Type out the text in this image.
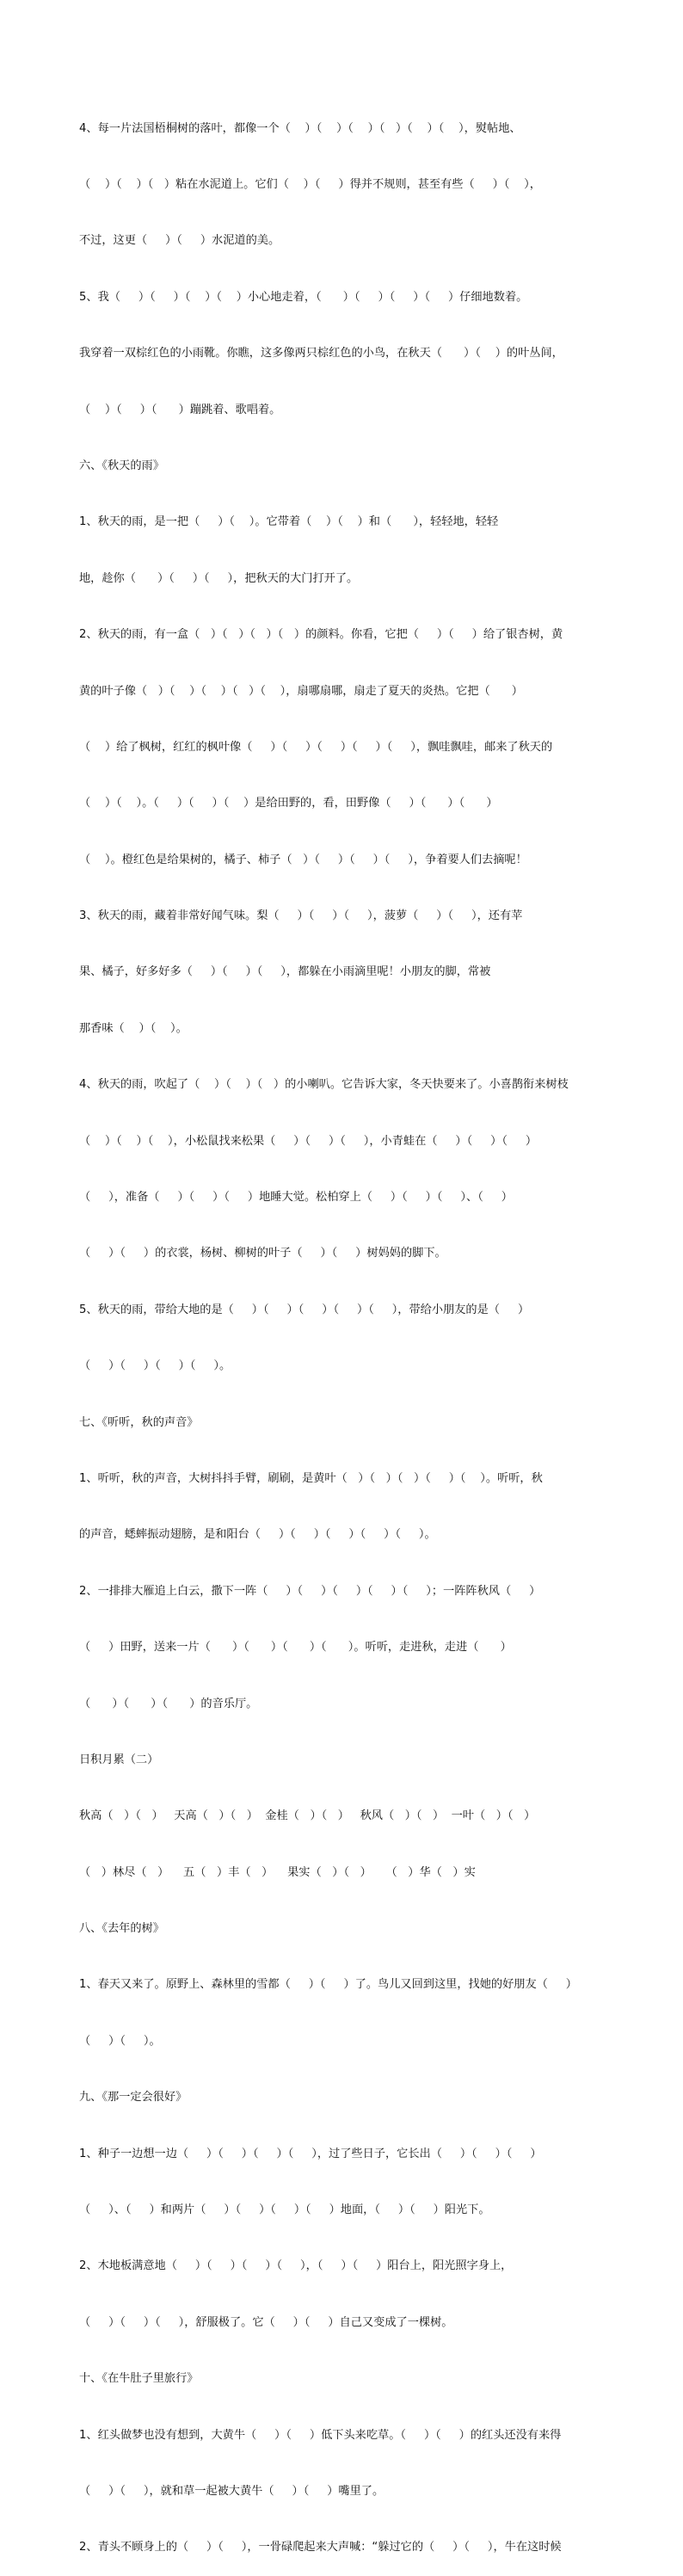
4、每一片法国梧桐树的落叶，都像一个（    ）（    ）（    ）（   ）（    ）（    ），熨帖地、

（    ）（    ）（   ）粘在水泥道上。它们（    ）（     ）得并不规则，甚至有些（     ）（    ），

不过，这更（     ）（     ）水泥道的美。

5、我（     ）（     ）（    ）（    ）小心地走着，（      ）（     ）（     ）（     ）仔细地数着。

我穿着一双棕红色的小雨靴。你瞧，这多像两只棕红色的小鸟，在秋天（      ）（    ）的叶丛间，

（    ）（     ）（      ）蹦跳着、歌唱着。

六、《秋天的雨》

1、秋天的雨，是一把（     ）（    ）。它带着（    ）（    ）和（      ），轻轻地，轻轻

地，趁你（      ）（     ）（     ），把秋天的大门打开了。

2、秋天的雨，有一盒（   ）（   ）（   ）（   ）的颜料。你看，它把（     ）（     ）给了银杏树，黄

黄的叶子像（   ）（    ）（    ）（   ）（    ），扇哪扇哪，扇走了夏天的炎热。它把（      ）

（    ）给了枫树，红红的枫叶像（     ）（     ）（     ）（     ）（     ），飘哇飘哇，邮来了秋天的

（    ）（    ）。（     ）（     ）（    ）是给田野的，看，田野像（     ）（      ）（      ）

（    ）。橙红色是给果树的，橘子、柿子（   ）（     ）（     ）（     ），争着要人们去摘呢！

3、秋天的雨，藏着非常好闻气味。梨（     ）（     ）（     ），菠萝（     ）（     ），还有苹

果、橘子，好多好多（     ）（     ）（     ），都躲在小雨滴里呢！小朋友的脚，常被

那香味（    ）（    ）。

4、秋天的雨，吹起了（    ）（    ）（   ）的小喇叭。它告诉大家，冬天快要来了。小喜鹊衔来树枝

（    ）（    ）（    ），小松鼠找来松果（     ）（     ）（     ），小青蛙在（     ）（     ）（     ）

（     ），准备（     ）（     ）（     ）地睡大觉。松柏穿上（     ）（     ）（     ）、（     ）

（     ）（     ）的衣裳，杨树、柳树的叶子（     ）（     ）树妈妈的脚下。

5、秋天的雨，带给大地的是（     ）（     ）（     ）（     ）（     ），带给小朋友的是（     ）

（     ）（     ）（     ）（     ）。

七、《听听，秋的声音》

1、听听，秋的声音，大树抖抖手臂，刷刷，是黄叶（   ）（   ）（   ）（     ）（    ）。听听，秋

的声音，蟋蟀振动翅膀，是和阳台（     ）（     ）（     ）（     ）（     ）。

2、一排排大雁追上白云，撒下一阵（     ）（     ）（     ）（     ）（     ）；一阵阵秋风（     ）

（     ）田野，送来一片（      ）（      ）（      ）（      ）。听听，走进秋，走进（      ）

（      ）（      ）（      ）的音乐厅。

日积月累（二）

秋高（   ）（   ）   天高（   ）（   ）  金桂（   ）（   ）   秋风（   ）（   ）  一叶（   ）（   ）

（   ）林尽（   ）    五（   ）丰（   ）    果实（   ）（   ）    （   ）华（   ）实

八、《去年的树》

1、春天又来了。原野上、森林里的雪都（     ）（     ）了。鸟儿又回到这里，找她的好朋友（     ）

（     ）（     ）。

九、《那一定会很好》

1、种子一边想一边（     ）（     ）（     ）（     ），过了些日子，它长出（     ）（     ）（     ）

（     ）、（     ）和两片（     ）（     ）（     ）（     ）地面，（     ）（     ）阳光下。

2、木地板满意地（     ）（     ）（     ）（     ），（     ）（     ）阳台上，阳光照字身上，

（     ）（     ）（     ），舒服极了。它（     ）（     ）自己又变成了一棵树。

十、《在牛肚子里旅行》

1、红头做梦也没有想到，大黄牛（     ）（     ）低下头来吃草。（     ）（     ）的红头还没有来得

（     ）（     ），就和草一起被大黄牛（     ）（     ）嘴里了。

2、青头不顾身上的（     ）（     ），一骨碌爬起来大声喊：“躲过它的（     ）（     ），牛在这时候
